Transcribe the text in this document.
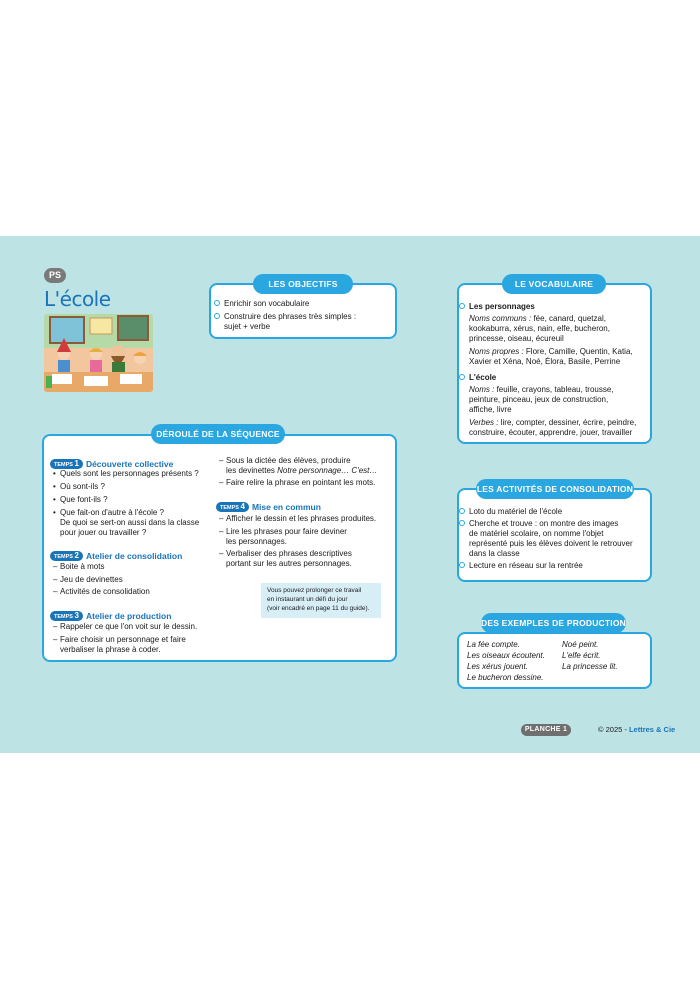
PS
L'école
LES OBJECTIFS
Enrichir son vocabulaire
Construire des phrases très simples :
sujet + verbe
LE VOCABULAIRE
Les personnages
Noms communs : fée, canard, quetzal,
kookaburra, xérus, nain, elfe, bucheron,
princesse, oiseau, écureuil
Noms propres : Flore, Camille, Quentin, Katia,
Xavier et Xéna, Noé, Élora, Basile, Perrine
L'école
Noms : feuille, crayons, tableau, trousse,
peinture, pinceau, jeux de construction,
affiche, livre
Verbes : lire, compter, dessiner, écrire, peindre,
construire, écouter, apprendre, jouer, travailler
LES ACTIVITÉS DE CONSOLIDATION
Loto du matériel de l'école
Cherche et trouve : on montre des images
de matériel scolaire, on nomme l'objet
représenté puis les élèves doivent le retrouver
dans la classe
Lecture en réseau sur la rentrée
DES EXEMPLES DE PRODUCTION
La fée compte.
Les oiseaux écoutent.
Les xérus jouent.
Le bucheron dessine.
Noé peint.
L'elfe écrit.
La princesse lit.
DÉROULÉ DE LA SÉQUENCE
TEMPS 1 Découverte collective
• Quels sont les personnages présents ?
• Où sont-ils ?
• Que font-ils ?
• Que fait-on d'autre à l'école ?
De quoi se sert-on aussi dans la classe
pour jouer ou travailler ?
TEMPS 2 Atelier de consolidation
– Boite à mots
– Jeu de devinettes
– Activités de consolidation
TEMPS 3 Atelier de production
– Rappeler ce que l'on voit sur le dessin.
– Faire choisir un personnage et faire
verbaliser la phrase à coder.
– Sous la dictée des élèves, produire
les devinettes Notre personnage… C'est…
– Faire relire la phrase en pointant les mots.
TEMPS 4 Mise en commun
– Afficher le dessin et les phrases produites.
– Lire les phrases pour faire deviner
les personnages.
– Verbaliser des phrases descriptives
portant sur les autres personnages.
Vous pouvez prolonger ce travail
en instaurant un défi du jour
(voir encadré en page 11 du guide).
PLANCHE 1	© 2025 - Lettres & Cie
